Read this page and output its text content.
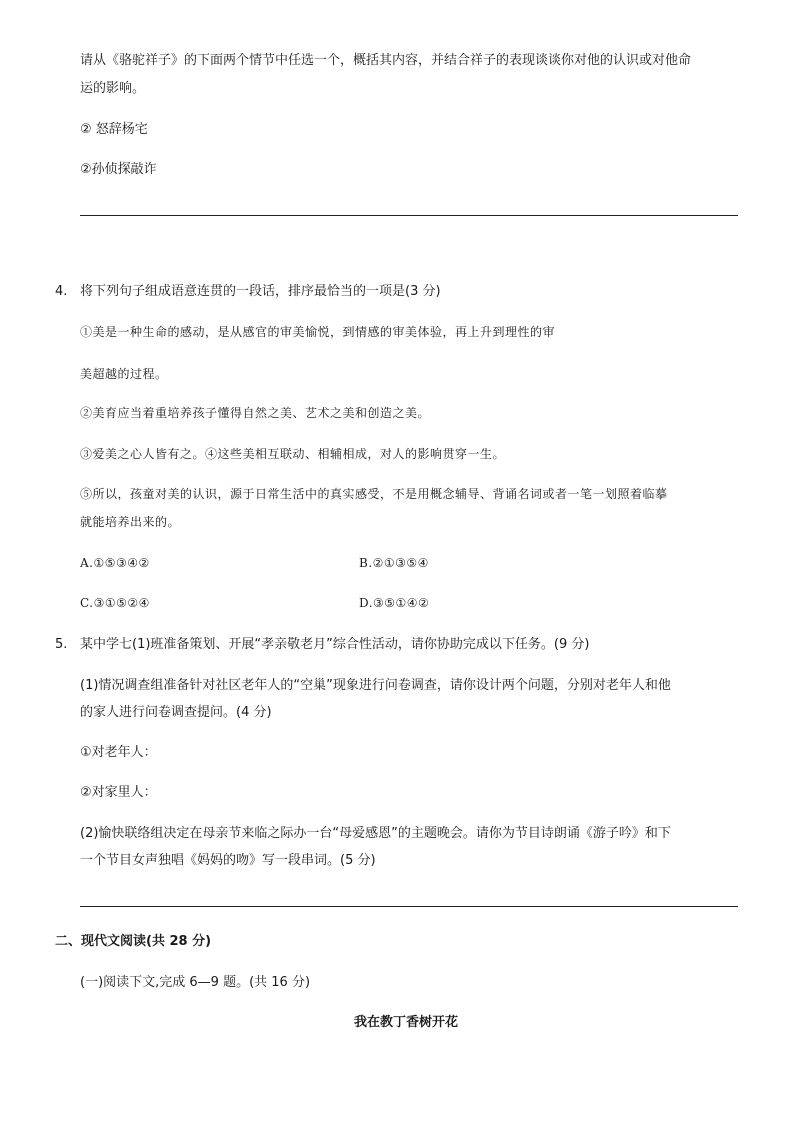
请从《骆驼祥子》的下面两个情节中任选一个，概括其内容，并结合祥子的表现谈谈你对他的认识或对他命
运的影响。
② 怒辞杨宅
②孙侦探敲诈
4. 将下列句子组成语意连贯的一段话，排序最恰当的一项是(3 分)
①美是一种生命的感动，是从感官的审美愉悦，到情感的审美体验，再上升到理性的审
美超越的过程。
②美育应当着重培养孩子懂得自然之美、艺术之美和创造之美。
③爱美之心人皆有之。④这些美相互联动、相辅相成，对人的影响贯穿一生。
⑤所以，孩童对美的认识，源于日常生活中的真实感受，不是用概念辅导、背诵名词或者一笔一划照着临摹
就能培养出来的。
A.①⑤③④②	B.②①③⑤④
C.③①⑤②④	D.③⑤①④②
5. 某中学七(1)班准备策划、开展“孝亲敬老月”综合性活动，请你协助完成以下任务。(9 分)
(1)情况调查组准备针对社区老年人的“空巢”现象进行问卷调查，请你设计两个问题，分别对老年人和他
的家人进行问卷调查提问。(4 分)
①对老年人：
②对家里人：
(2)愉快联络组决定在母亲节来临之际办一台“母爱感恩”的主题晚会。请你为节目诗朗诵《游子吟》和下
一个节目女声独唱《妈妈的吻》写一段串词。(5 分)
二、现代文阅读(共 28 分)
(一)阅读下文,完成 6—9 题。(共 16 分)
我在教丁香树开花
